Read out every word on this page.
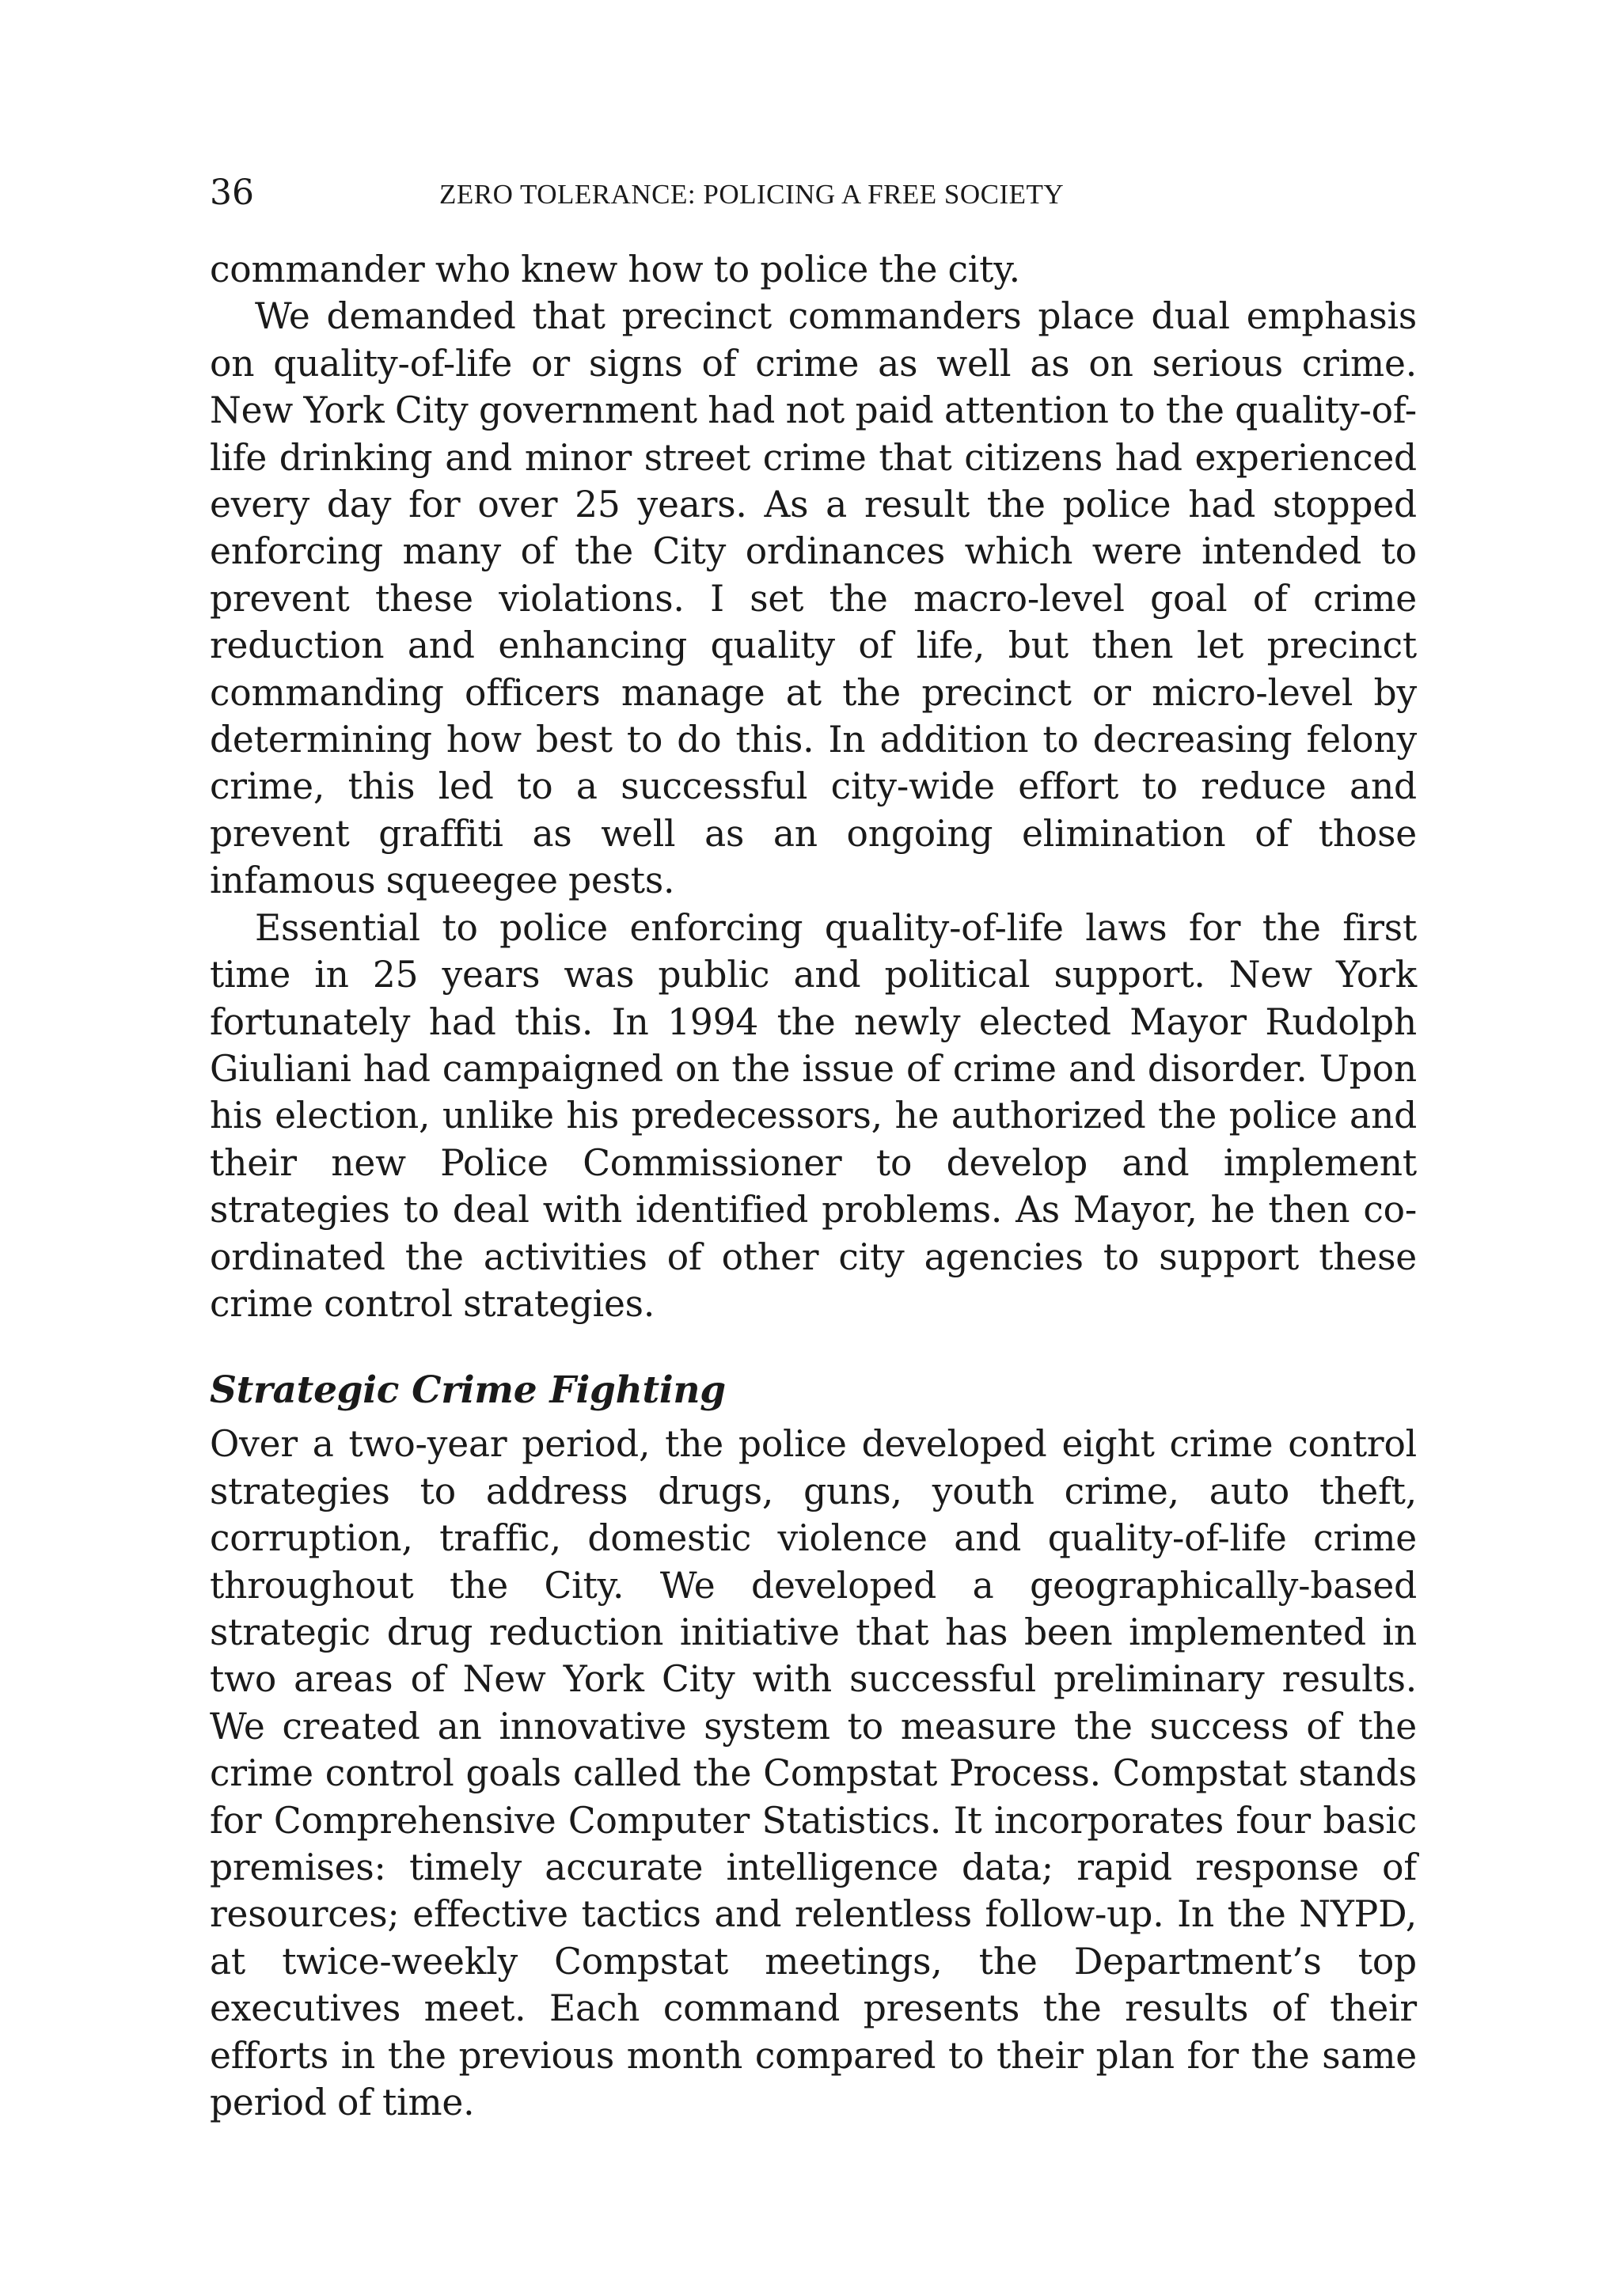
36	ZERO TOLERANCE: POLICING A FREE SOCIETY

commander who knew how to police the city.

We demanded that precinct commanders place dual emphasis on quality-of-life or signs of crime as well as on serious crime. New York City government had not paid attention to the quality-of-life drinking and minor street crime that citizens had experienced every day for over 25 years. As a result the police had stopped enforcing many of the City ordinances which were intended to prevent these violations. I set the macro-level goal of crime reduction and enhancing quality of life, but then let precinct commanding officers manage at the precinct or micro-level by determining how best to do this. In addition to decreasing felony crime, this led to a successful city-wide effort to reduce and prevent graffiti as well as an ongoing elimination of those infamous squeegee pests.

Essential to police enforcing quality-of-life laws for the first time in 25 years was public and political support. New York fortunately had this. In 1994 the newly elected Mayor Rudolph Giuliani had campaigned on the issue of crime and disorder. Upon his election, unlike his predecessors, he authorized the police and their new Police Commissioner to develop and implement strategies to deal with identified problems. As Mayor, he then co-ordinated the activities of other city agencies to support these crime control strategies.

Strategic Crime Fighting

Over a two-year period, the police developed eight crime control strategies to address drugs, guns, youth crime, auto theft, corruption, traffic, domestic violence and quality-of-life crime throughout the City. We developed a geographically-based strategic drug reduction initiative that has been implemented in two areas of New York City with successful preliminary results. We created an innovative system to measure the success of the crime control goals called the Compstat Process. Compstat stands for Comprehensive Computer Statistics. It incorporates four basic premises: timely accurate intelligence data; rapid response of resources; effective tactics and relentless follow-up. In the NYPD, at twice-weekly Compstat meetings, the Department’s top executives meet. Each command presents the results of their efforts in the previous month compared to their plan for the same period of time.
